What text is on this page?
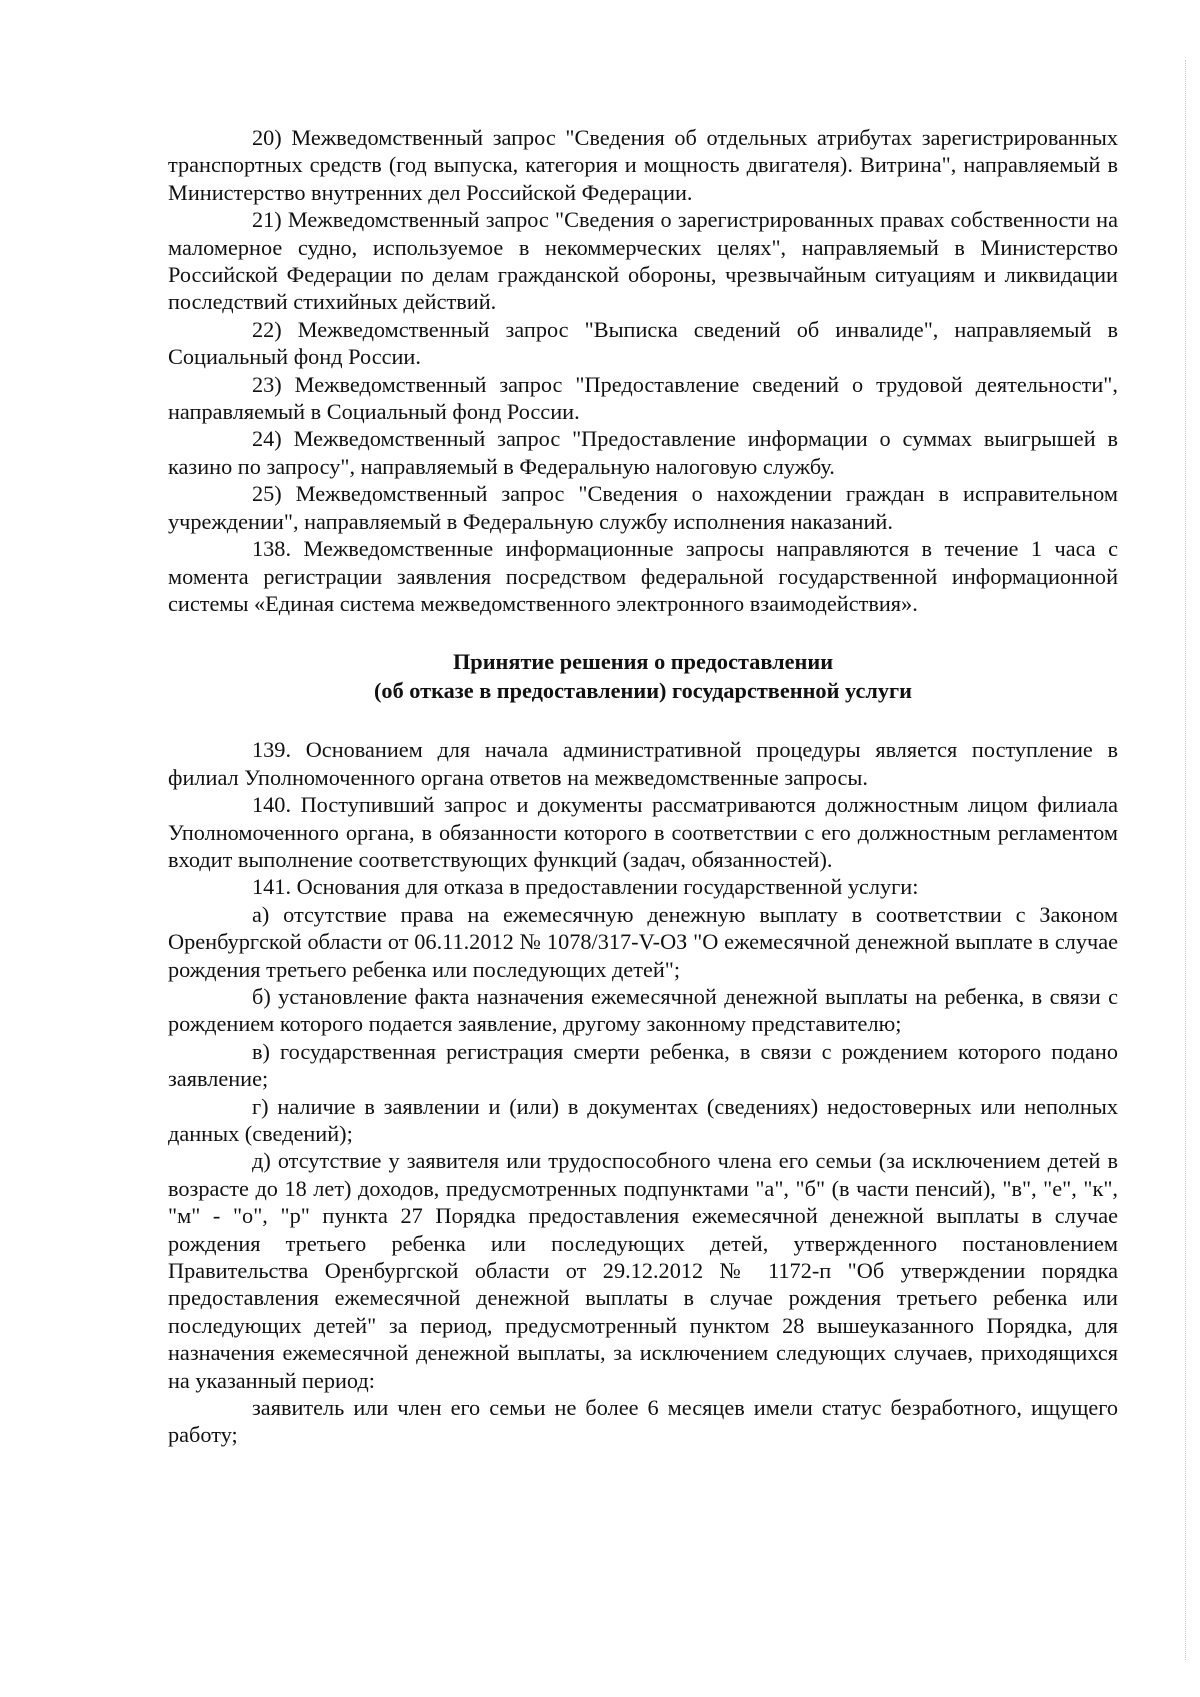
20) Межведомственный запрос "Сведения об отдельных атрибутах зарегистрированных транспортных средств (год выпуска, категория и мощность двигателя). Витрина", направляемый в Министерство внутренних дел Российской Федерации.

21) Межведомственный запрос "Сведения о зарегистрированных правах собственности на маломерное судно, используемое в некоммерческих целях", направляемый в Министерство Российской Федерации по делам гражданской обороны, чрезвычайным ситуациям и ликвидации последствий стихийных действий.

22) Межведомственный запрос "Выписка сведений об инвалиде", направляемый в Социальный фонд России.

23) Межведомственный запрос "Предоставление сведений о трудовой деятельности", направляемый в Социальный фонд России.

24) Межведомственный запрос "Предоставление информации о суммах выигрышей в казино по запросу", направляемый в Федеральную налоговую службу.

25) Межведомственный запрос "Сведения о нахождении граждан в исправительном учреждении", направляемый в Федеральную службу исполнения наказаний.

138. Межведомственные информационные запросы направляются в течение 1 часа с момента регистрации заявления посредством федеральной государственной информационной системы «Единая система межведомственного электронного взаимодействия».

Принятие решения о предоставлении
(об отказе в предоставлении) государственной услуги

139. Основанием для начала административной процедуры является поступление в филиал Уполномоченного органа ответов на межведомственные запросы.

140. Поступивший запрос и документы рассматриваются должностным лицом филиала Уполномоченного органа, в обязанности которого в соответствии с его должностным регламентом входит выполнение соответствующих функций (задач, обязанностей).

141. Основания для отказа в предоставлении государственной услуги:

а) отсутствие права на ежемесячную денежную выплату в соответствии с Законом Оренбургской области от 06.11.2012 № 1078/317-V-ОЗ "О ежемесячной денежной выплате в случае рождения третьего ребенка или последующих детей";

б) установление факта назначения ежемесячной денежной выплаты на ребенка, в связи с рождением которого подается заявление, другому законному представителю;

в) государственная регистрация смерти ребенка, в связи с рождением которого подано заявление;

г) наличие в заявлении и (или) в документах (сведениях) недостоверных или неполных данных (сведений);

д) отсутствие у заявителя или трудоспособного члена его семьи (за исключением детей в возрасте до 18 лет) доходов, предусмотренных подпунктами "а", "б" (в части пенсий), "в", "е", "к", "м" - "о", "р" пункта 27 Порядка предоставления ежемесячной денежной выплаты в случае рождения третьего ребенка или последующих детей, утвержденного постановлением Правительства Оренбургской области от 29.12.2012 № 1172-п "Об утверждении порядка предоставления ежемесячной денежной выплаты в случае рождения третьего ребенка или последующих детей" за период, предусмотренный пунктом 28 вышеуказанного Порядка, для назначения ежемесячной денежной выплаты, за исключением следующих случаев, приходящихся на указанный период:

заявитель или член его семьи не более 6 месяцев имели статус безработного, ищущего работу;
